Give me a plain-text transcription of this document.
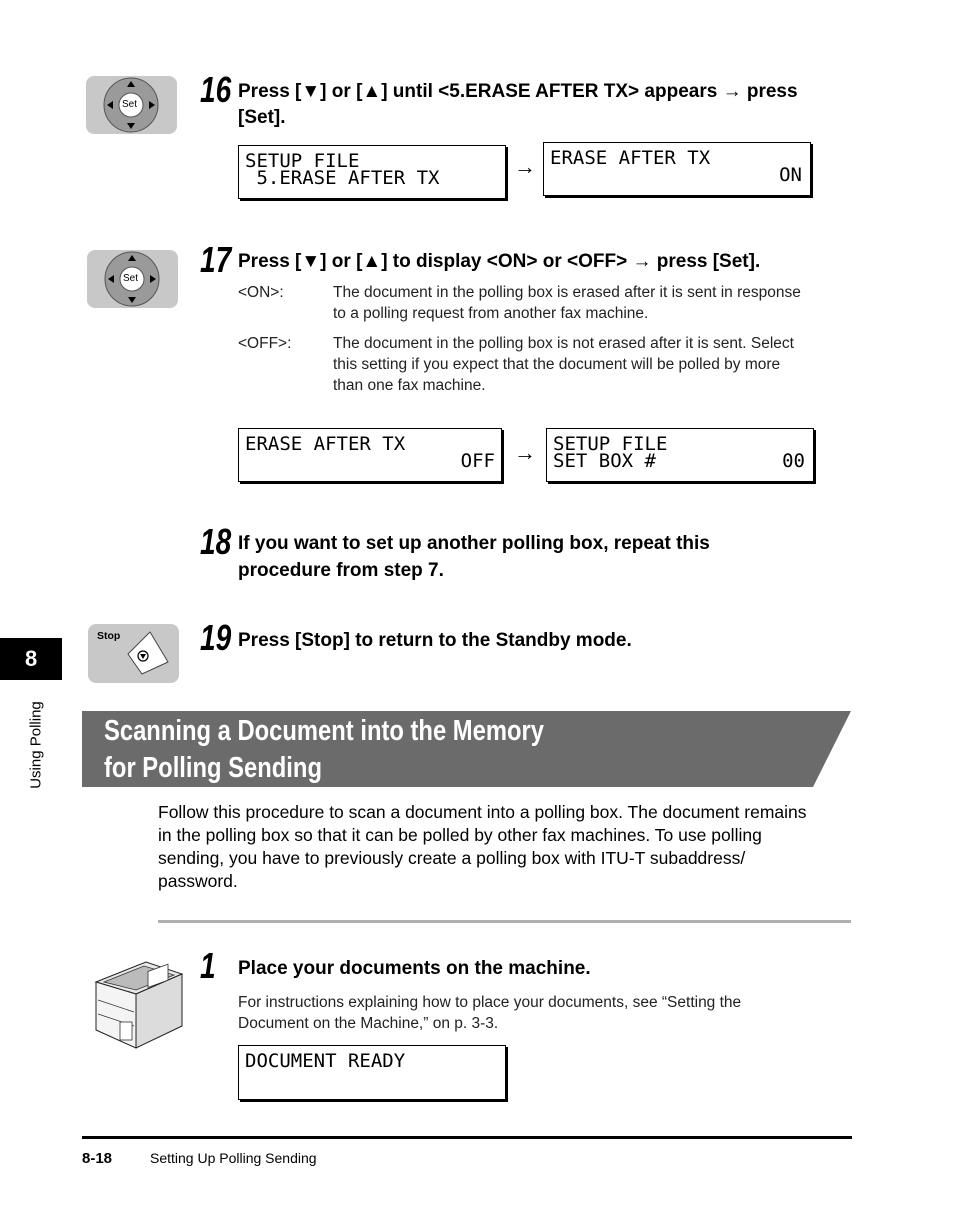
Set 16 Press [▼] or [▲] until <5.ERASE AFTER TX> appears → press
[Set].
SETUP FILE
5.ERASE AFTER TX	→ ERASE AFTER TX
ON
Set 17 Press [▼] or [▲] to display <ON> or <OFF> → press [Set].
<ON>:	The document in the polling box is erased after it is sent in response
to a polling request from another fax machine.
<OFF>:	The document in the polling box is not erased after it is sent. Select
this setting if you expect that the document will be polled by more
than one fax machine.
ERASE AFTER TX
OFF → SETUP FILE
SET BOX #	00
18 If you want to set up another polling box, repeat this
procedure from step 7.
Stop 19 Press [Stop] to return to the Standby mode.
8
Using Polling Scanning a Document into the Memory
for Polling Sending
Follow this procedure to scan a document into a polling box. The document remains
in the polling box so that it can be polled by other fax machines. To use polling
sending, you have to previously create a polling box with ITU-T subaddress/
password.
1 Place your documents on the machine.
For instructions explaining how to place your documents, see “Setting the
Document on the Machine,” on p. 3-3.
DOCUMENT READY
8-18	Setting Up Polling Sending
